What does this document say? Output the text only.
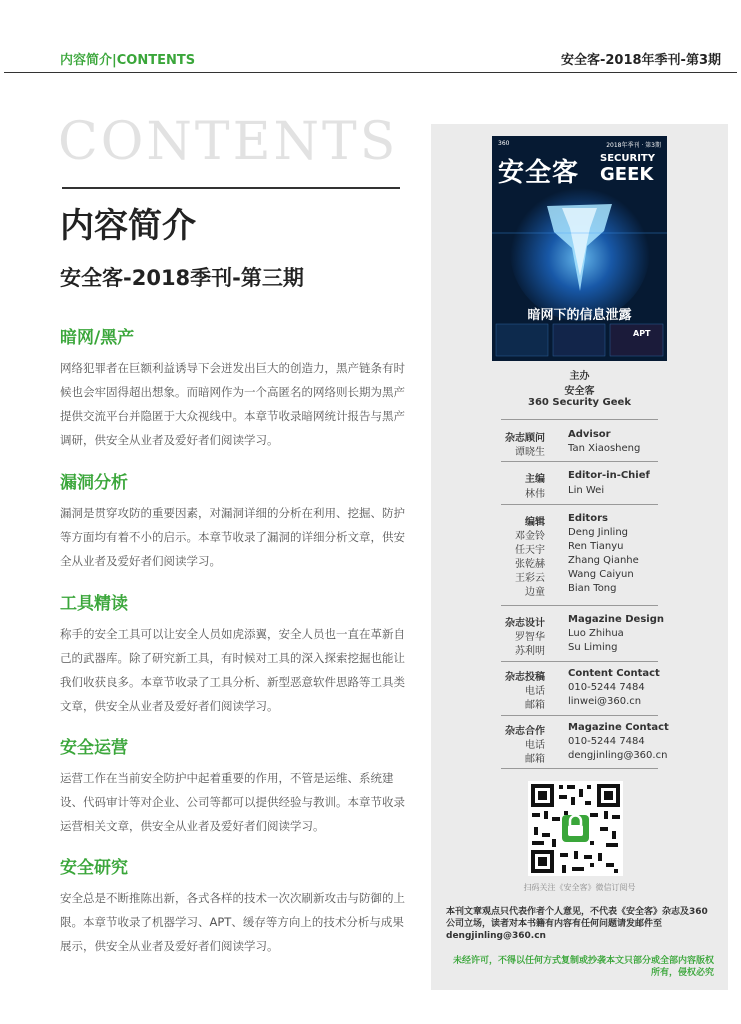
内容简介|CONTENTS	安全客-2018年季刊-第3期
CONTENTS
内容简介
安全客-2018季刊-第三期
暗网/黑产

网络犯罪者在巨额利益诱导下会迸发出巨大的创造力，黑产链条有时候也会牢固得超出想象。而暗网作为一个高匿名的网络则长期为黑产提供交流平台并隐匿于大众视线中。本章节收录暗网统计报告与黑产调研，供安全从业者及爱好者们阅读学习。

漏洞分析

漏洞是贯穿攻防的重要因素，对漏洞详细的分析在利用、挖掘、防护等方面均有着不小的启示。本章节收录了漏洞的详细分析文章，供安全从业者及爱好者们阅读学习。

工具精读

称手的安全工具可以让安全人员如虎添翼，安全人员也一直在革新自己的武器库。除了研究新工具，有时候对工具的深入探索挖掘也能让我们收获良多。本章节收录了工具分析、新型恶意软件思路等工具类文章，供安全从业者及爱好者们阅读学习。

安全运营

运营工作在当前安全防护中起着重要的作用，不管是运维、系统建设、代码审计等对企业、公司等都可以提供经验与教训。本章节收录运营相关文章，供安全从业者及爱好者们阅读学习。

安全研究

安全总是不断推陈出新，各式各样的技术一次次刷新攻击与防御的上限。本章节收录了机器学习、APT、缓存等方向上的技术分析与成果展示，供安全从业者及爱好者们阅读学习。

360	2018年季刊 · 第3期
安全客 SECURITY
GEEK
暗网下的信息泄露
APT
主办
安全客
360 Security Geek
杂志顾问 Advisor
谭晓生 Tan Xiaosheng
主编 Editor-in-Chief
林伟 Lin Wei
编辑 Editors
邓金铃 Deng Jinling
任天宇 Ren Tianyu
张乾赫 Zhang Qianhe
王彩云 Wang Caiyun
边童 Bian Tong
杂志设计 Magazine Design
罗智华 Luo Zhihua
苏利明 Su Liming
杂志投稿 Content Contact
电话 010-5244 7484
邮箱 linwei@360.cn
杂志合作 Magazine Contact
电话 010-5244 7484
邮箱 dengjinling@360.cn
扫码关注《安全客》微信订阅号
本刊文章观点只代表作者个人意见，不代表《安全客》杂志及360公司立场，读者对本书籍有内容有任何问题请发邮件至dengjinling@360.cn
未经许可，不得以任何方式复制或抄袭本文只部分或全部内容版权所有，侵权必究
